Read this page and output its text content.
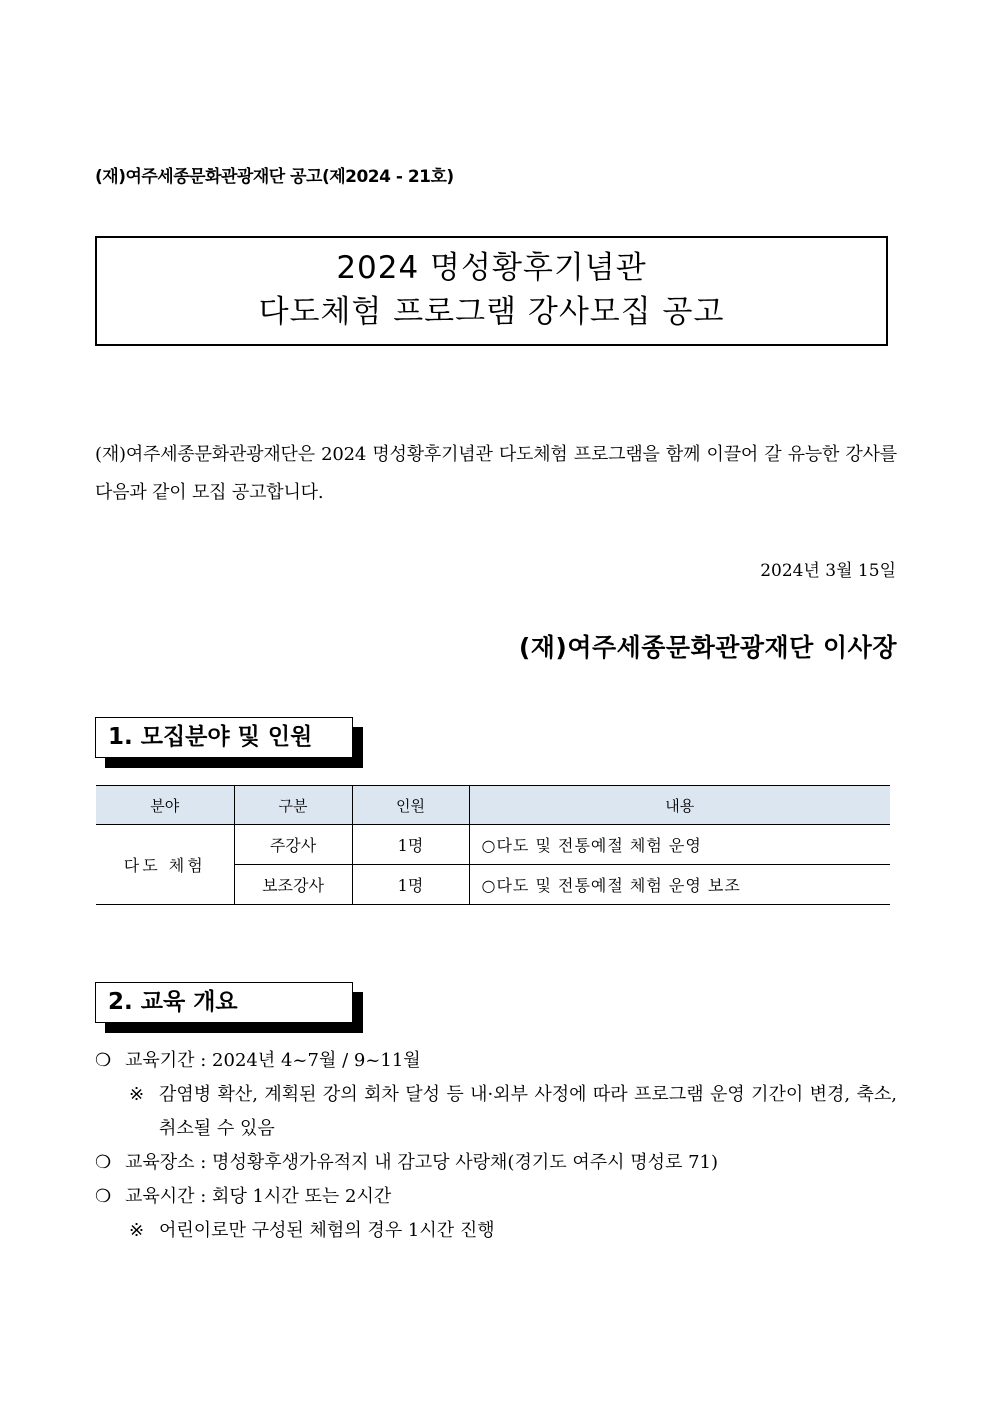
(재)여주세종문화관광재단 공고(제2024 - 21호)
2024 명성황후기념관
다도체험 프로그램 강사모집 공고
(재)여주세종문화관광재단은 2024 명성황후기념관 다도체험 프로그램을 함께 이끌어 갈 유능한 강사를 다음과 같이 모집 공고합니다.
2024년 3월 15일
(재)여주세종문화관광재단 이사장
1. 모집분야 및 인원
분야	구분	인원	내용
다도 체험	주강사	1명	○다도 및 전통예절 체험 운영
	보조강사	1명	○다도 및 전통예절 체험 운영 보조
2. 교육 개요
❍ 교육기간 : 2024년 4~7월 / 9~11월
※ 감염병 확산, 계획된 강의 회차 달성 등 내·외부 사정에 따라 프로그램 운영 기간이 변경, 축소, 취소될 수 있음
❍ 교육장소 : 명성황후생가유적지 내 감고당 사랑채(경기도 여주시 명성로 71)
❍ 교육시간 : 회당 1시간 또는 2시간
※ 어린이로만 구성된 체험의 경우 1시간 진행
